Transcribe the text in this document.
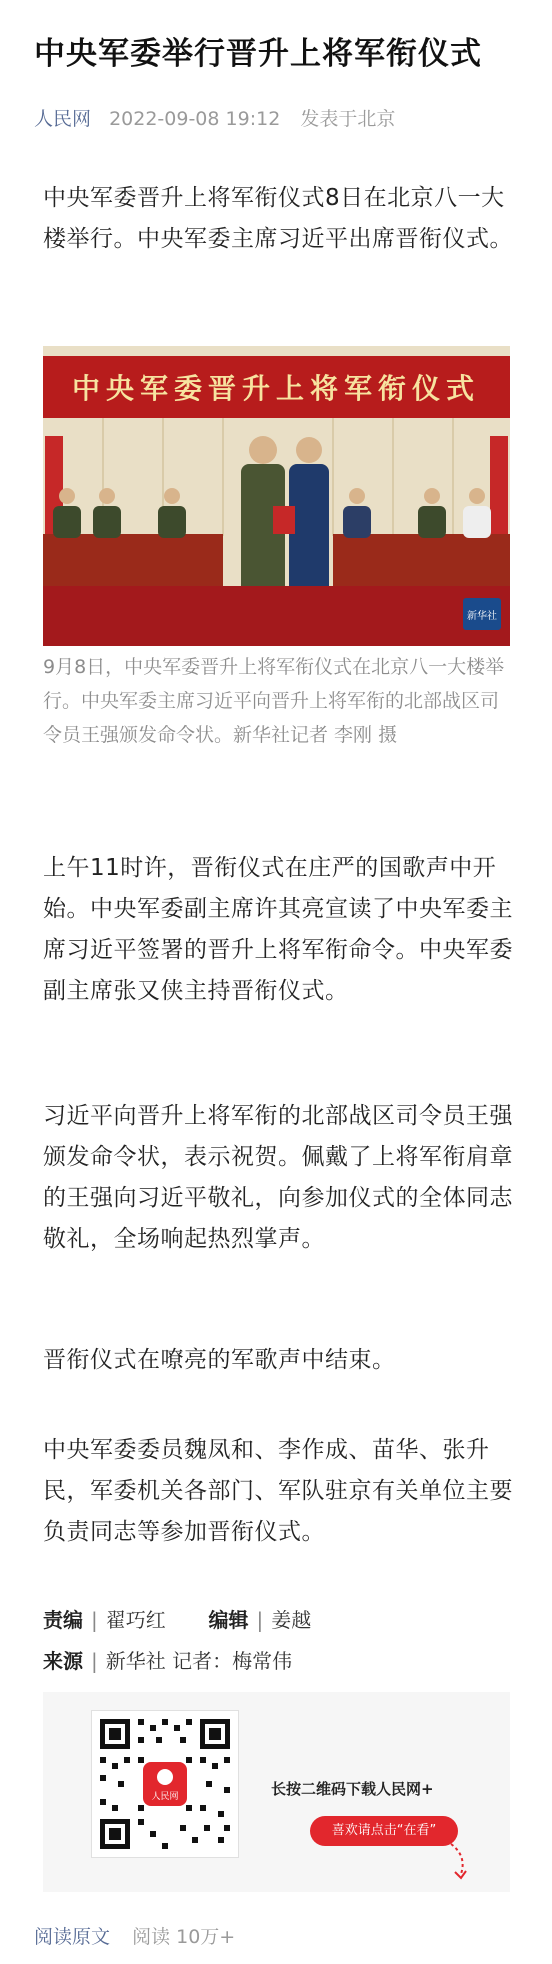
中央军委举行晋升上将军衔仪式
人民网 2022-09-08 19:12 发表于北京
中央军委晋升上将军衔仪式8日在北京八一大楼举行。中央军委主席习近平出席晋衔仪式。
中央军委晋升上将军衔仪式
新华社
9月8日，中央军委晋升上将军衔仪式在北京八一大楼举行。中央军委主席习近平向晋升上将军衔的北部战区司令员王强颁发命令状。新华社记者 李刚 摄
上午11时许，晋衔仪式在庄严的国歌声中开始。中央军委副主席许其亮宣读了中央军委主席习近平签署的晋升上将军衔命令。中央军委副主席张又侠主持晋衔仪式。
习近平向晋升上将军衔的北部战区司令员王强颁发命令状，表示祝贺。佩戴了上将军衔肩章的王强向习近平敬礼，向参加仪式的全体同志敬礼，全场响起热烈掌声。
晋衔仪式在嘹亮的军歌声中结束。
中央军委委员魏凤和、李作成、苗华、张升民，军委机关各部门、军队驻京有关单位主要负责同志等参加晋衔仪式。
责编 | 翟巧红 编辑 | 姜越
来源 | 新华社 记者：梅常伟
人民网	长按二维码下载人民网+
喜欢请点击“在看”
阅读原文 阅读 10万+
